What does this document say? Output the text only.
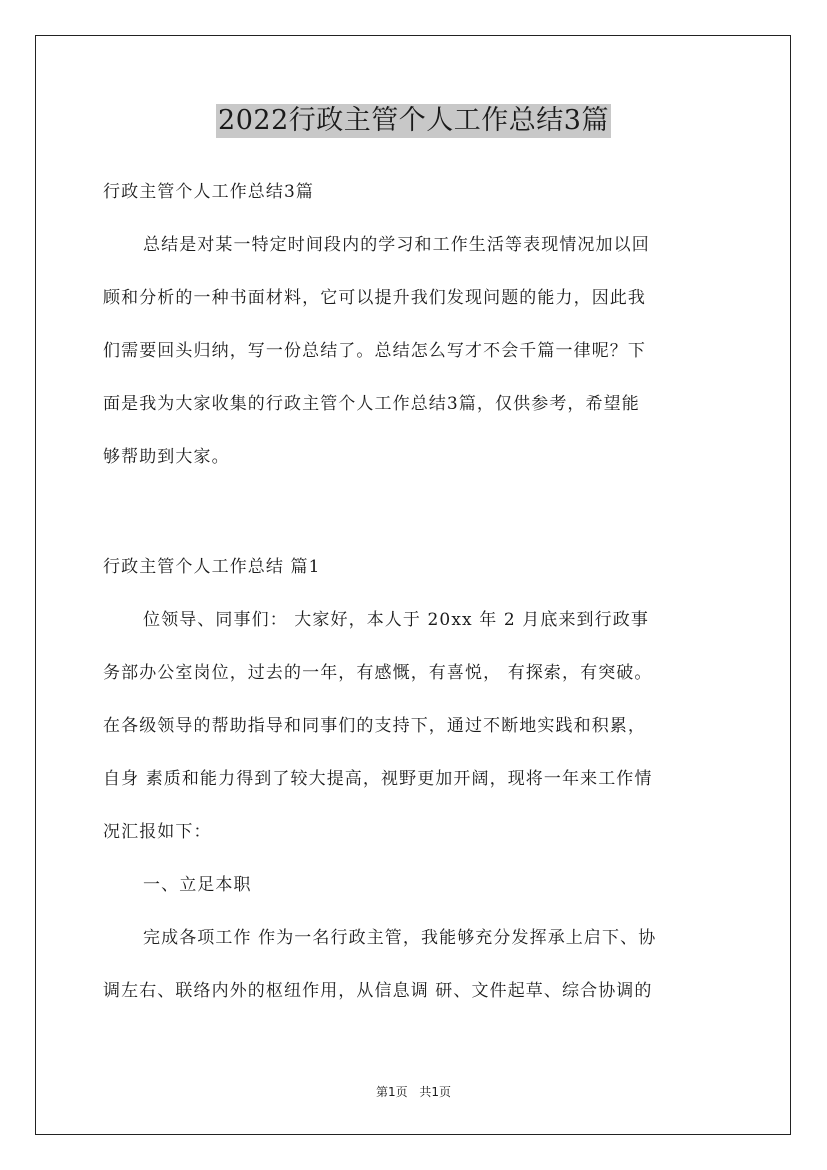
2022行政主管个人工作总结3篇
行政主管个人工作总结3篇
总结是对某一特定时间段内的学习和工作生活等表现情况加以回
顾和分析的一种书面材料，它可以提升我们发现问题的能力，因此我
们需要回头归纳，写一份总结了。总结怎么写才不会千篇一律呢？下
面是我为大家收集的行政主管个人工作总结3篇，仅供参考，希望能
够帮助到大家。
行政主管个人工作总结 篇1
位领导、同事们： 大家好，本人于 20xx 年 2 月底来到行政事
务部办公室岗位，过去的一年，有感慨，有喜悦， 有探索，有突破。
在各级领导的帮助指导和同事们的支持下，通过不断地实践和积累，
自身 素质和能力得到了较大提高，视野更加开阔，现将一年来工作情
况汇报如下：
一、立足本职
完成各项工作 作为一名行政主管，我能够充分发挥承上启下、协
调左右、联络内外的枢纽作用，从信息调 研、文件起草、综合协调的
第1页 共1页
